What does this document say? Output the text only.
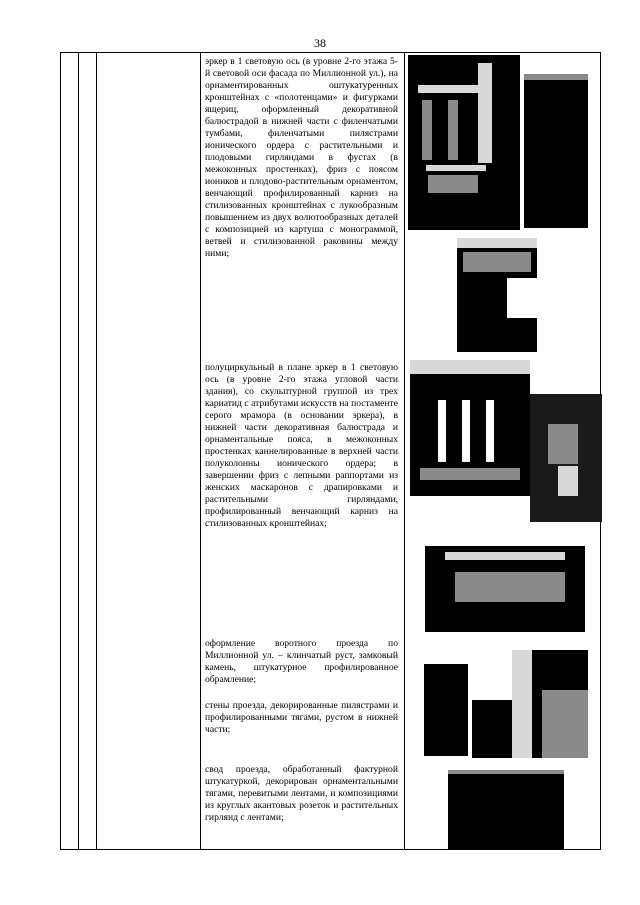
38
эркер в 1 световую ось (в уровне 2-го этажа 5-й световой оси фасада по Миллионной ул.), на орнаментированных оштукатуренных кронштейнах с «полотенцами» и фигурками ящериц, оформленный декоративной балюстрадой в нижней части с филенчатыми тумбами, филенчатыми пилястрами ионического ордера с растительными и плодовыми гирляндами в фустах (в межоконных простенках), фриз с поясом иоников и плодово-растительным орнаментом, венчающий профилированный карниз на стилизованных кронштейнах с лукообразным повышением из двух волютообразных деталей с композицией из картуша с монограммой, ветвей и стилизованной раковины между ними;
полуциркульный в плане эркер в 1 световую ось (в уровне 2-го этажа угловой части здания), со скульптурной группой из трех кариатид с атрибутами искусств на постаменте серого мрамора (в основании эркера), в нижней части декоративная балюстрада и орнаментальные пояса, в межоконных простенках каннелированные в верхней части полуколонны ионического ордера; в завершении фриз с лепными раппортами из женских маскаронов с драпировками и растительными гирляндами, профилированный венчающий карниз на стилизованных кронштейнах;
оформление воротного проезда по Миллионной ул. – клинчатый руст, замковый камень, штукатурное профилированное обрамление;
стены проезда, декорированные пилястрами и профилированными тягами, рустом в нижней части;
свод проезда, обработанный фактурной штукатуркой, декорирован орнаментальными тягами, перевитыми лентами, и композициями из круглых акантовых розеток и растительных гирлянд с лентами;
